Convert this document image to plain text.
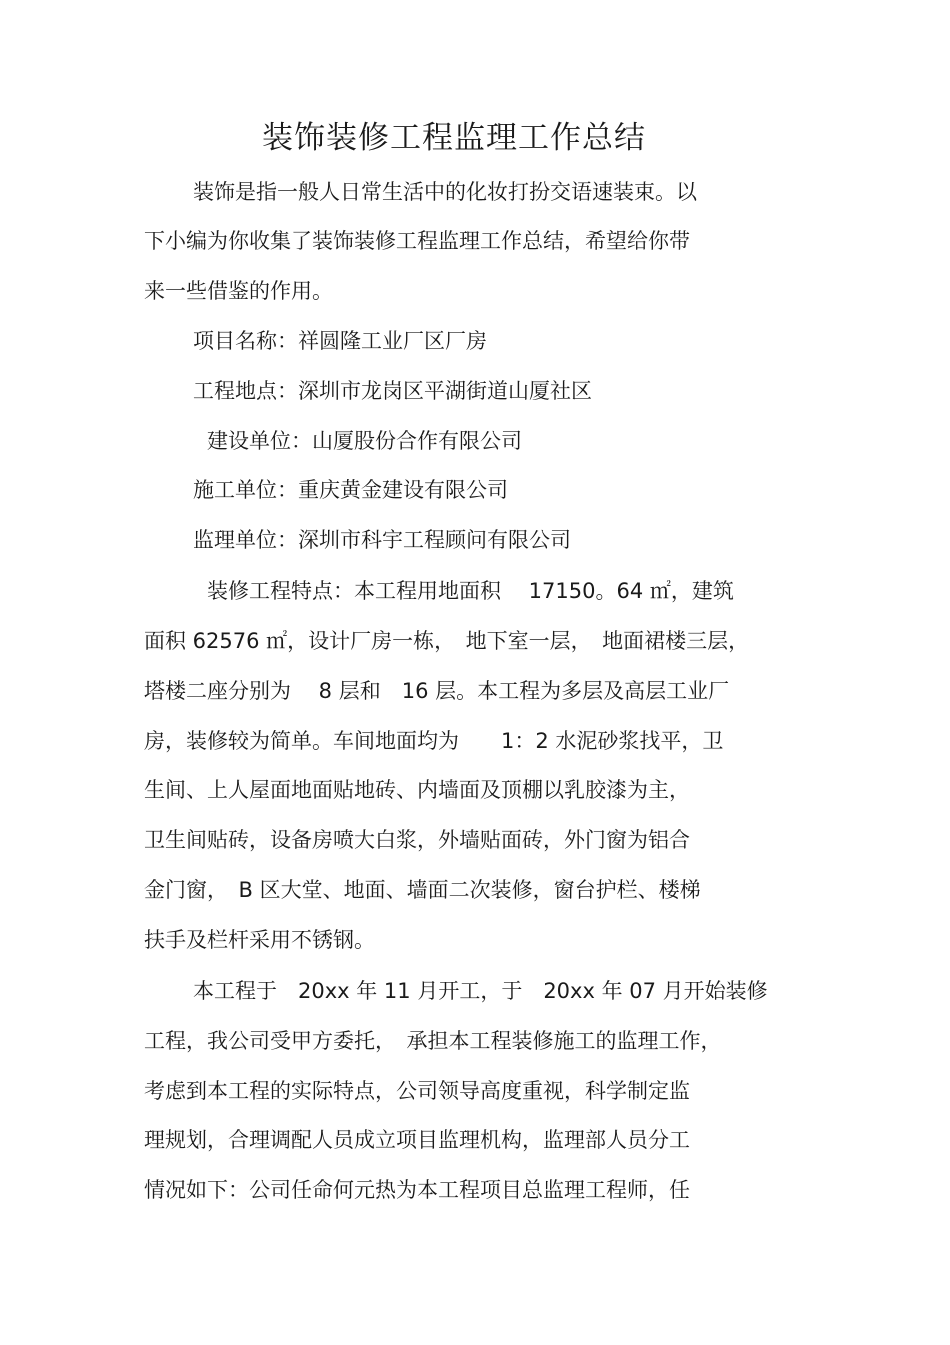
装饰装修工程监理工作总结
装饰是指一般人日常生活中的化妆打扮交语速装束。以
下小编为你收集了装饰装修工程监理工作总结，希望给你带
来一些借鉴的作用。
项目名称：祥圆隆工业厂区厂房
工程地点：深圳市龙岗区平湖街道山厦社区
建设单位：山厦股份合作有限公司
施工单位：重庆黄金建设有限公司
监理单位：深圳市科宇工程顾问有限公司
装修工程特点：本工程用地面积　 17150。64 ㎡，建筑
面积 62576 ㎡，设计厂房一栋，　地下室一层，　地面裙楼三层，
塔楼二座分别为　 8 层和　16 层。本工程为多层及高层工业厂
房，装修较为简单。车间地面均为　　1：2 水泥砂浆找平，卫
生间、上人屋面地面贴地砖、内墙面及顶棚以乳胶漆为主，
卫生间贴砖，设备房喷大白浆，外墙贴面砖，外门窗为铝合
金门窗，　B 区大堂、地面、墙面二次装修，窗台护栏、楼梯
扶手及栏杆采用不锈钢。
本工程于　20xx 年 11 月开工，于　20xx 年 07 月开始装修
工程，我公司受甲方委托，　承担本工程装修施工的监理工作，
考虑到本工程的实际特点，公司领导高度重视，科学制定监
理规划，合理调配人员成立项目监理机构，监理部人员分工
情况如下：公司任命何元热为本工程项目总监理工程师，任
